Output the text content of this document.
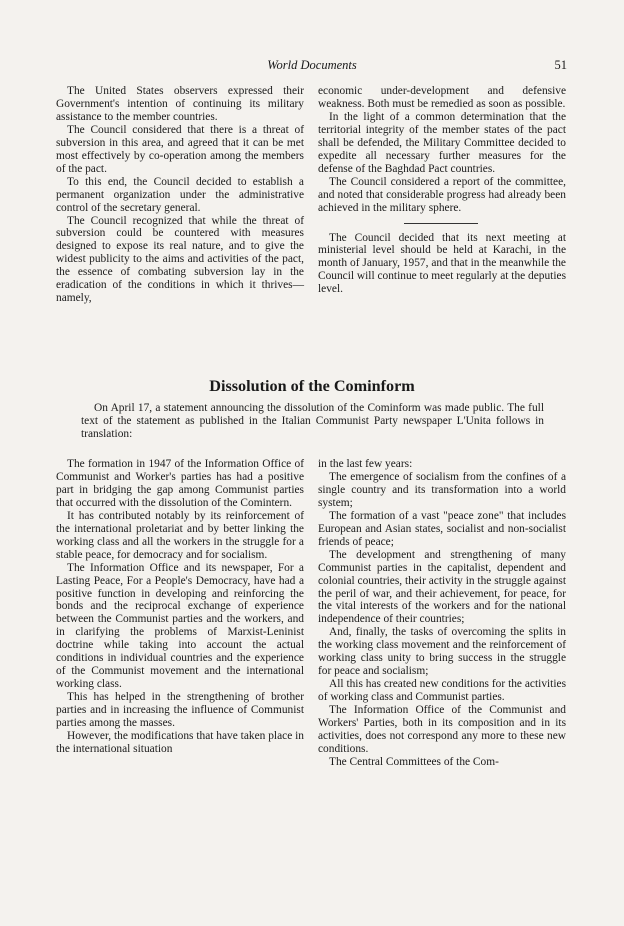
World Documents	51

The United States observers expressed their Government's intention of continuing its military assistance to the member countries.

The Council considered that there is a threat of subversion in this area, and agreed that it can be met most effectively by co-operation among the members of the pact.

To this end, the Council decided to establish a permanent organization under the administrative control of the secretary general.

The Council recognized that while the threat of subversion could be countered with measures designed to expose its real nature, and to give the widest publicity to the aims and activities of the pact, the essence of combating subversion lay in the eradication of the conditions in which it thrives—namely,

economic under-development and defensive weakness. Both must be remedied as soon as possible.

In the light of a common determination that the territorial integrity of the member states of the pact shall be defended, the Military Committee decided to expedite all necessary further measures for the defense of the Baghdad Pact countries.

The Council considered a report of the committee, and noted that considerable progress had already been achieved in the military sphere.

The Council decided that its next meeting at ministerial level should be held at Karachi, in the month of January, 1957, and that in the meanwhile the Council will continue to meet regularly at the deputies level.

Dissolution of the Cominform

On April 17, a statement announcing the dissolution of the Cominform was made public. The full text of the statement as published in the Italian Communist Party newspaper L'Unita follows in translation:

The formation in 1947 of the Information Office of Communist and Worker's parties has had a positive part in bridging the gap among Communist parties that occurred with the dissolution of the Comintern.

It has contributed notably by its reinforcement of the international proletariat and by better linking the working class and all the workers in the struggle for a stable peace, for democracy and for socialism.

The Information Office and its newspaper, For a Lasting Peace, For a People's Democracy, have had a positive function in developing and reinforcing the bonds and the reciprocal exchange of experience between the Communist parties and the workers, and in clarifying the problems of Marxist-Leninist doctrine while taking into account the actual conditions in individual countries and the experience of the Communist movement and the international working class.

This has helped in the strengthening of brother parties and in increasing the influence of Communist parties among the masses.

However, the modifications that have taken place in the international situation

in the last few years:

The emergence of socialism from the confines of a single country and its transformation into a world system;

The formation of a vast "peace zone" that includes European and Asian states, socialist and non-socialist friends of peace;

The development and strengthening of many Communist parties in the capitalist, dependent and colonial countries, their activity in the struggle against the peril of war, and their achievement, for peace, for the vital interests of the workers and for the national independence of their countries;

And, finally, the tasks of overcoming the splits in the working class movement and the reinforcement of working class unity to bring success in the struggle for peace and socialism;

All this has created new conditions for the activities of working class and Communist parties.

The Information Office of the Communist and Workers' Parties, both in its composition and in its activities, does not correspond any more to these new conditions.

The Central Committees of the Com-
